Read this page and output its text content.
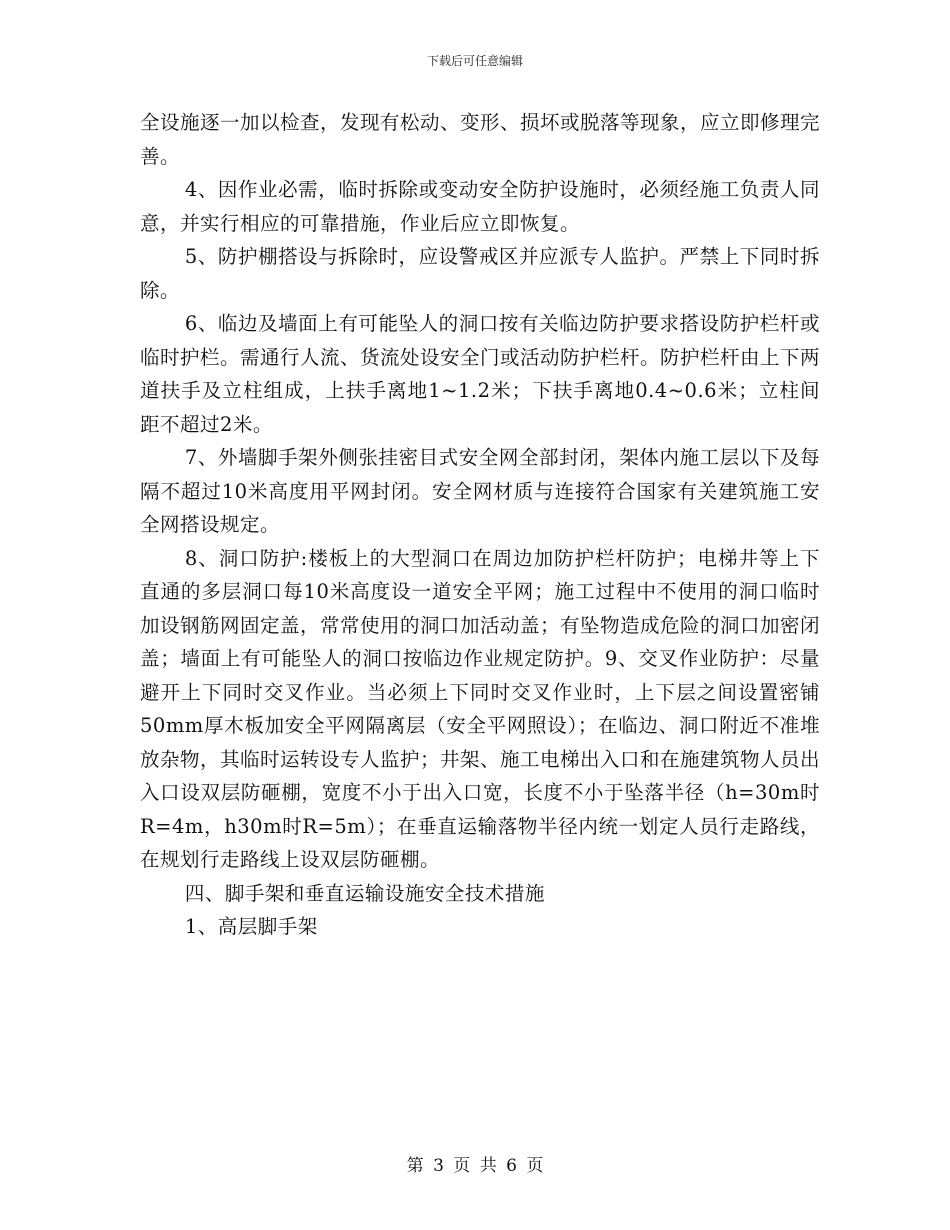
下载后可任意编辑

全设施逐一加以检查，发现有松动、变形、损坏或脱落等现象，应立即修理完善。

4、因作业必需，临时拆除或变动安全防护设施时，必须经施工负责人同意，并实行相应的可靠措施，作业后应立即恢复。

5、防护棚搭设与拆除时，应设警戒区并应派专人监护。严禁上下同时拆除。

6、临边及墙面上有可能坠人的洞口按有关临边防护要求搭设防护栏杆或临时护栏。需通行人流、货流处设安全门或活动防护栏杆。防护栏杆由上下两道扶手及立柱组成，上扶手离地1~1.2米；下扶手离地0.4~0.6米；立柱间距不超过2米。

7、外墙脚手架外侧张挂密目式安全网全部封闭，架体内施工层以下及每隔不超过10米高度用平网封闭。安全网材质与连接符合国家有关建筑施工安全网搭设规定。

8、洞口防护:楼板上的大型洞口在周边加防护栏杆防护；电梯井等上下直通的多层洞口每10米高度设一道安全平网；施工过程中不使用的洞口临时加设钢筋网固定盖，常常使用的洞口加活动盖；有坠物造成危险的洞口加密闭盖；墙面上有可能坠人的洞口按临边作业规定防护。9、交叉作业防护：尽量避开上下同时交叉作业。当必须上下同时交叉作业时，上下层之间设置密铺50mm厚木板加安全平网隔离层（安全平网照设）；在临边、洞口附近不准堆放杂物，其临时运转设专人监护；井架、施工电梯出入口和在施建筑物人员出入口设双层防砸棚，宽度不小于出入口宽，长度不小于坠落半径（h=30m时R=4m，h30m时R=5m）；在垂直运输落物半径内统一划定人员行走路线，在规划行走路线上设双层防砸棚。

四、脚手架和垂直运输设施安全技术措施

1、高层脚手架

第 3 页 共 6 页
